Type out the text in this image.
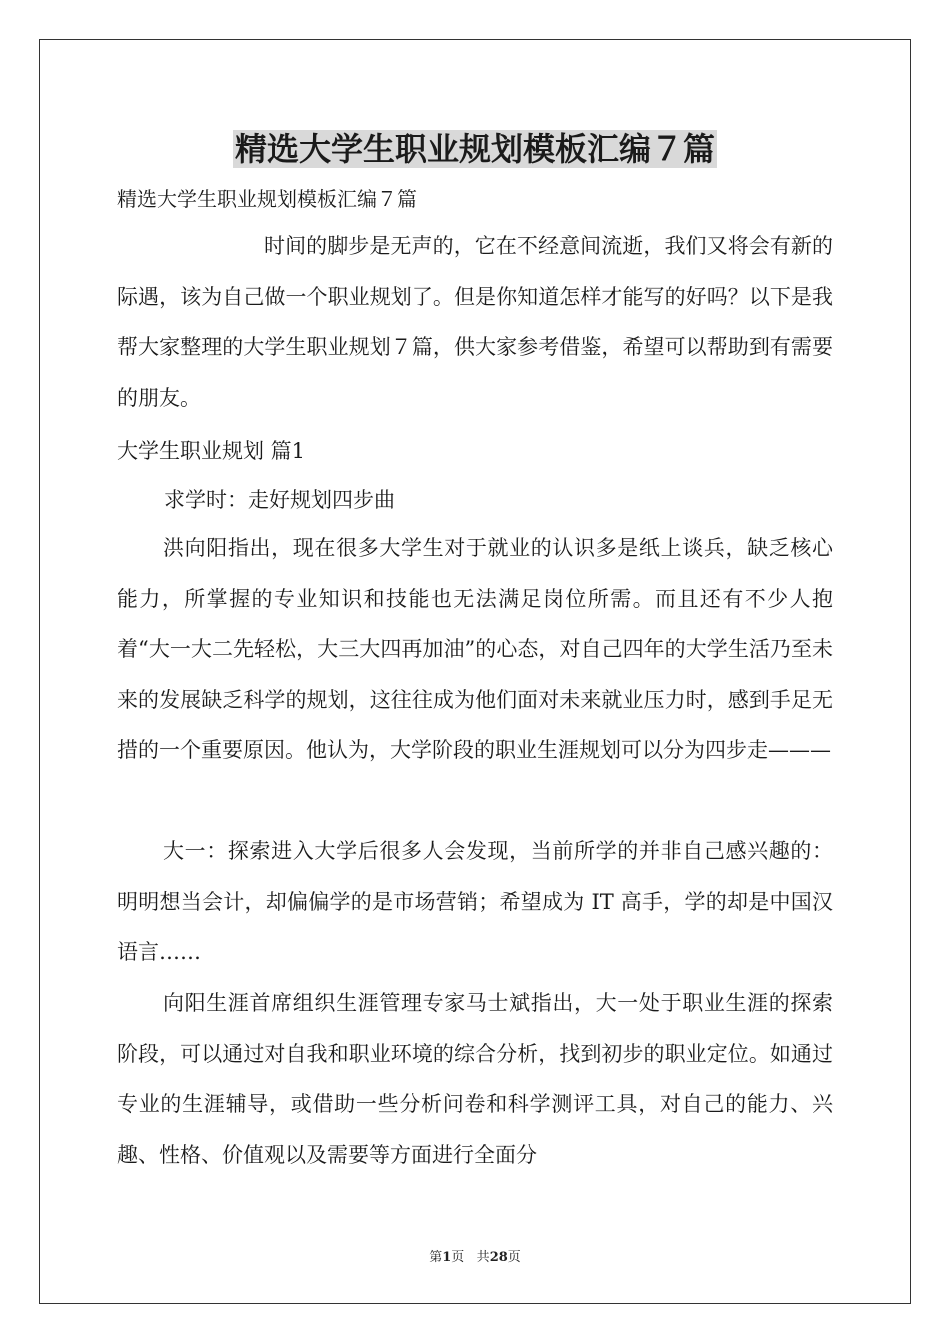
精选大学生职业规划模板汇编７篇
精选大学生职业规划模板汇编７篇

时间的脚步是无声的，它在不经意间流逝，我们又将会有新的际遇，该为自己做一个职业规划了。但是你知道怎样才能写的好吗？以下是我帮大家整理的大学生职业规划７篇，供大家参考借鉴，希望可以帮助到有需要的朋友。

大学生职业规划 篇1

求学时：走好规划四步曲

洪向阳指出，现在很多大学生对于就业的认识多是纸上谈兵，缺乏核心能力，所掌握的专业知识和技能也无法满足岗位所需。而且还有不少人抱着“大一大二先轻松，大三大四再加油”的心态，对自己四年的大学生活乃至未来的发展缺乏科学的规划，这往往成为他们面对未来就业压力时，感到手足无措的一个重要原因。他认为，大学阶段的职业生涯规划可以分为四步走———

大一：探索进入大学后很多人会发现，当前所学的并非自己感兴趣的：明明想当会计，却偏偏学的是市场营销；希望成为 IT 高手，学的却是中国汉语言……

向阳生涯首席组织生涯管理专家马士斌指出，大一处于职业生涯的探索阶段，可以通过对自我和职业环境的综合分析，找到初步的职业定位。如通过专业的生涯辅导，或借助一些分析问卷和科学测评工具，对自己的能力、兴趣、性格、价值观以及需要等方面进行全面分

第1页 共28页
